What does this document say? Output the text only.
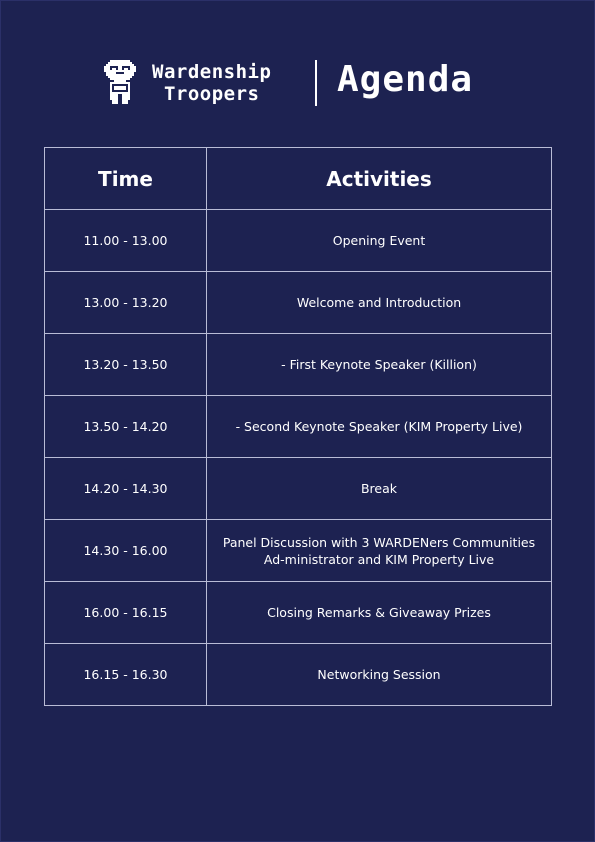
Wardenship
Troopers	Agenda
Time	Activities
11.00 - 13.00	Opening Event
13.00 - 13.20	Welcome and Introduction
13.20 - 13.50	- First Keynote Speaker (Killion)
13.50 - 14.20	- Second Keynote Speaker (KIM Property Live)
14.20 - 14.30	Break
14.30 - 16.00	Panel Discussion with 3 WARDENers Communities Ad-ministrator and KIM Property Live
16.00 - 16.15	Closing Remarks & Giveaway Prizes
16.15 - 16.30	Networking Session
